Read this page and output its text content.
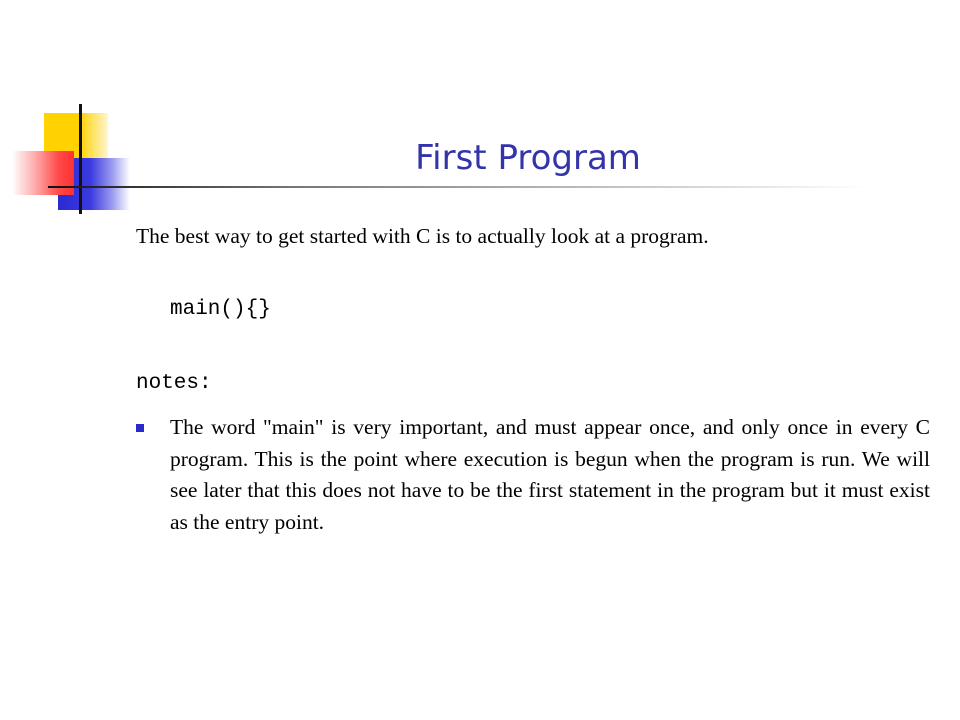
First Program

The best way to get started with C is to actually look at a program.

main(){}

notes:

The word "main" is very important, and must appear once, and only once in every C program. This is the point where execution is begun when the program is run. We will see later that this does not have to be the first statement in the program but it must exist as the entry point.
